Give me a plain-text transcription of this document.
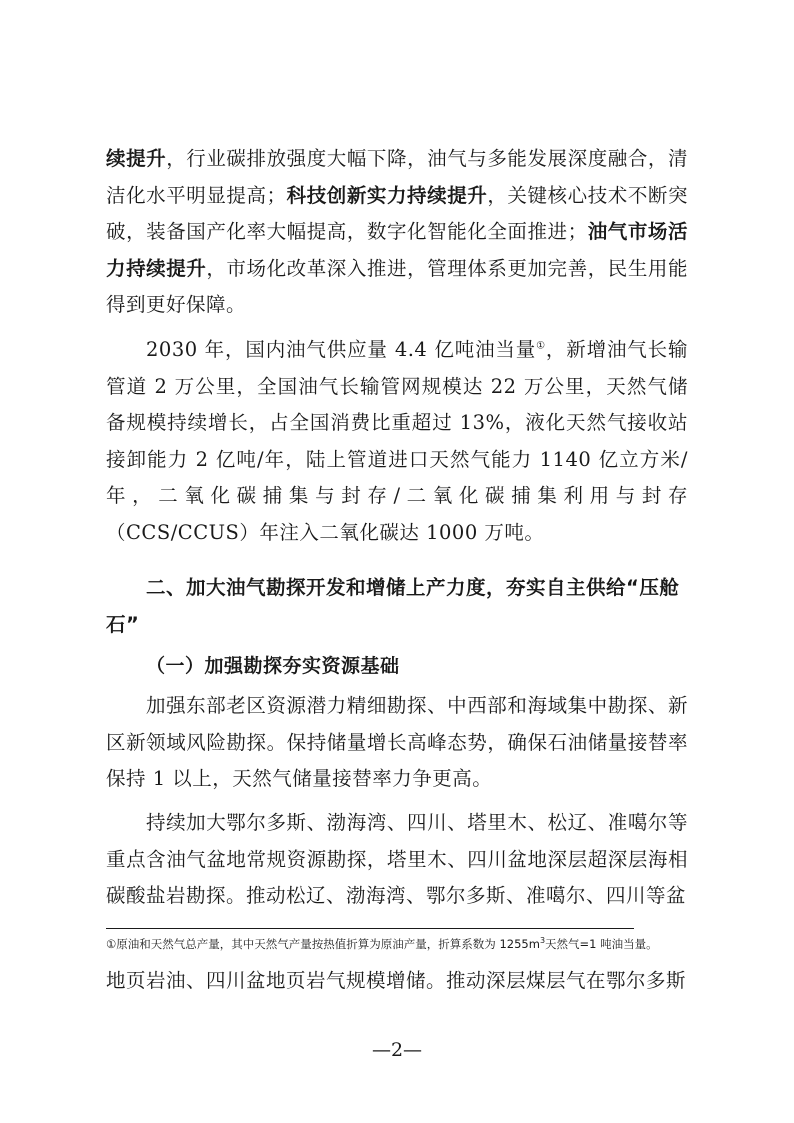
续提升，行业碳排放强度大幅下降，油气与多能发展深度融合，清洁化水平明显提高；科技创新实力持续提升，关键核心技术不断突破，装备国产化率大幅提高，数字化智能化全面推进；油气市场活力持续提升，市场化改革深入推进，管理体系更加完善，民生用能得到更好保障。
2030 年，国内油气供应量 4.4 亿吨油当量①，新增油气长输管道 2 万公里，全国油气长输管网规模达 22 万公里，天然气储备规模持续增长，占全国消费比重超过 13%，液化天然气接收站接卸能力 2 亿吨/年，陆上管道进口天然气能力 1140 亿立方米/年，二氧化碳捕集与封存/二氧化碳捕集利用与封存（CCS/CCUS）年注入二氧化碳达 1000 万吨。
二、加大油气勘探开发和增储上产力度，夯实自主供给“压舱石”
（一）加强勘探夯实资源基础
加强东部老区资源潜力精细勘探、中西部和海域集中勘探、新区新领域风险勘探。保持储量增长高峰态势，确保石油储量接替率保持 1 以上，天然气储量接替率力争更高。
持续加大鄂尔多斯、渤海湾、四川、塔里木、松辽、准噶尔等重点含油气盆地常规资源勘探，塔里木、四川盆地深层超深层海相碳酸盐岩勘探。推动松辽、渤海湾、鄂尔多斯、准噶尔、四川等盆
①原油和天然气总产量，其中天然气产量按热值折算为原油产量，折算系数为 $1255m^3$天然气=1 吨油当量。
地页岩油、四川盆地页岩气规模增储。推动深层煤层气在鄂尔多斯
—2—
